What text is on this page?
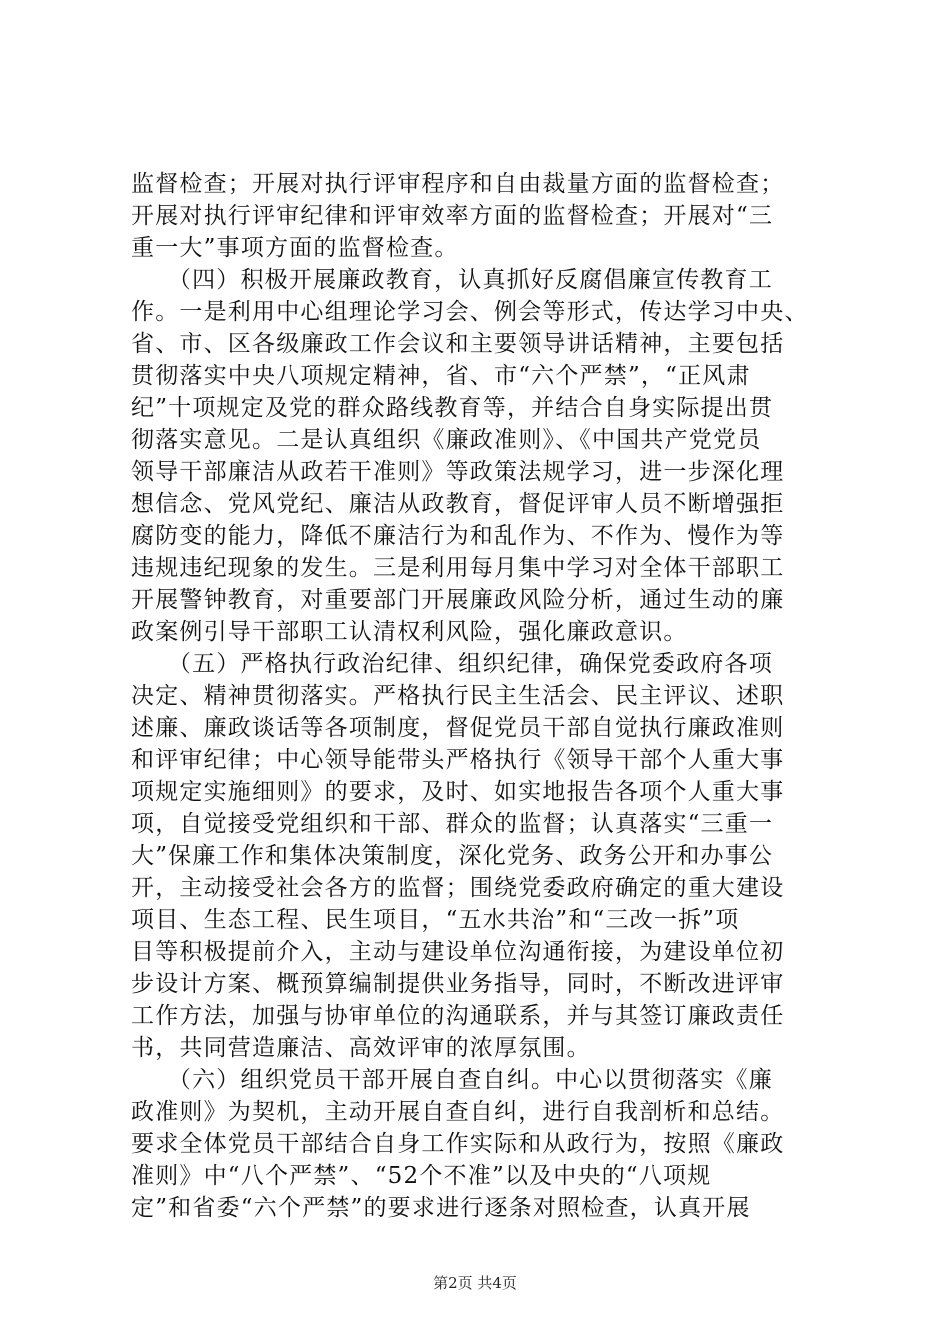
监督检查；开展对执行评审程序和自由裁量方面的监督检查；
开展对执行评审纪律和评审效率方面的监督检查；开展对“三
重一大”事项方面的监督检查。
　　（四）积极开展廉政教育，认真抓好反腐倡廉宣传教育工
作。一是利用中心组理论学习会、例会等形式，传达学习中央、
省、市、区各级廉政工作会议和主要领导讲话精神，主要包括
贯彻落实中央八项规定精神，省、市“六个严禁”，“正风肃
纪”十项规定及党的群众路线教育等，并结合自身实际提出贯
彻落实意见。二是认真组织《廉政准则》、《中国共产党党员
领导干部廉洁从政若干准则》等政策法规学习，进一步深化理
想信念、党风党纪、廉洁从政教育，督促评审人员不断增强拒
腐防变的能力，降低不廉洁行为和乱作为、不作为、慢作为等
违规违纪现象的发生。三是利用每月集中学习对全体干部职工
开展警钟教育，对重要部门开展廉政风险分析，通过生动的廉
政案例引导干部职工认清权利风险，强化廉政意识。
　　（五）严格执行政治纪律、组织纪律，确保党委政府各项
决定、精神贯彻落实。严格执行民主生活会、民主评议、述职
述廉、廉政谈话等各项制度，督促党员干部自觉执行廉政准则
和评审纪律；中心领导能带头严格执行《领导干部个人重大事
项规定实施细则》的要求，及时、如实地报告各项个人重大事
项，自觉接受党组织和干部、群众的监督；认真落实“三重一
大”保廉工作和集体决策制度，深化党务、政务公开和办事公
开，主动接受社会各方的监督；围绕党委政府确定的重大建设
项目、生态工程、民生项目，“五水共治”和“三改一拆”项
目等积极提前介入，主动与建设单位沟通衔接，为建设单位初
步设计方案、概预算编制提供业务指导，同时，不断改进评审
工作方法，加强与协审单位的沟通联系，并与其签订廉政责任
书，共同营造廉洁、高效评审的浓厚氛围。
　　（六）组织党员干部开展自查自纠。中心以贯彻落实《廉
政准则》为契机，主动开展自查自纠，进行自我剖析和总结。
要求全体党员干部结合自身工作实际和从政行为，按照《廉政
准则》中“八个严禁”、“52个不准”以及中央的“八项规
定”和省委“六个严禁”的要求进行逐条对照检查，认真开展
第2页 共4页
